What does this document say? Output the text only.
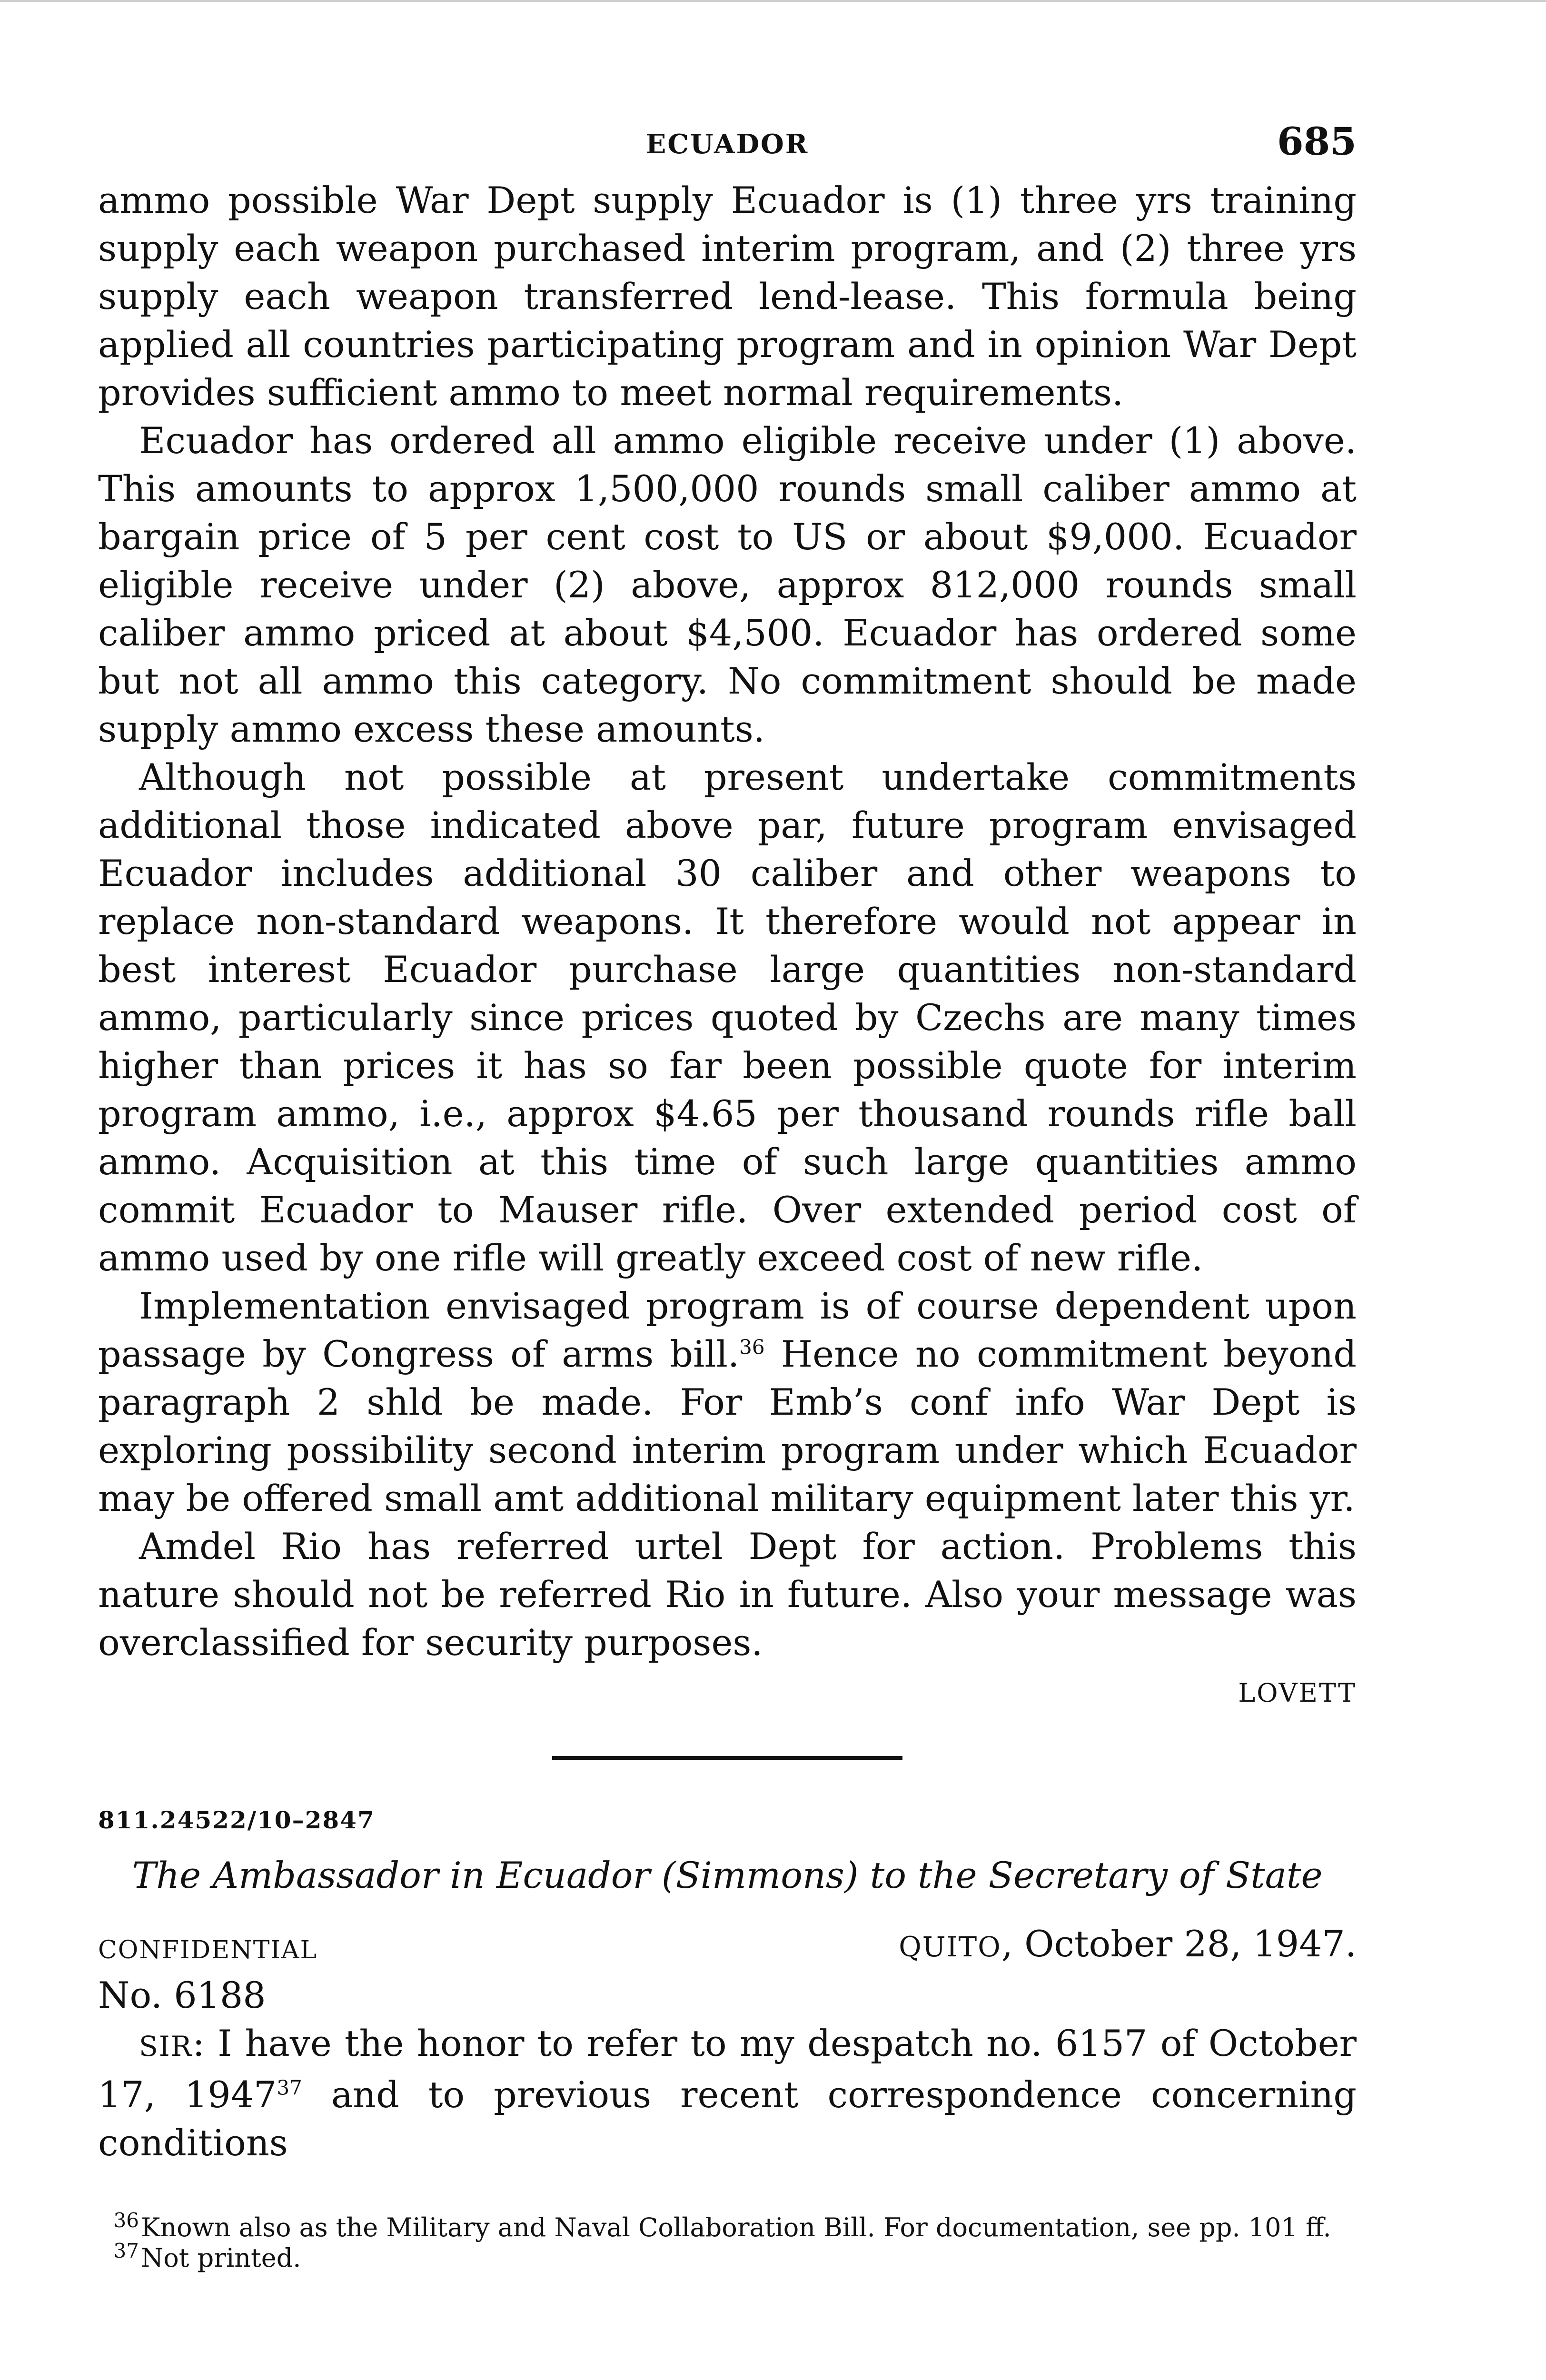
ECUADOR	685

ammo possible War Dept supply Ecuador is (1) three yrs training supply each weapon purchased interim program, and (2) three yrs supply each weapon transferred lend-lease. This formula being applied all countries participating program and in opinion War Dept provides sufficient ammo to meet normal requirements.

Ecuador has ordered all ammo eligible receive under (1) above. This amounts to approx 1,500,000 rounds small caliber ammo at bargain price of 5 per cent cost to US or about $9,000. Ecuador eligible receive under (2) above, approx 812,000 rounds small caliber ammo priced at about $4,500. Ecuador has ordered some but not all ammo this category. No commitment should be made supply ammo excess these amounts.

Although not possible at present undertake commitments additional those indicated above par, future program envisaged Ecuador includes additional 30 caliber and other weapons to replace non-standard weapons. It therefore would not appear in best interest Ecuador purchase large quantities non-standard ammo, particularly since prices quoted by Czechs are many times higher than prices it has so far been possible quote for interim program ammo, i.e., approx $4.65 per thousand rounds rifle ball ammo. Acquisition at this time of such large quantities ammo commit Ecuador to Mauser rifle. Over extended period cost of ammo used by one rifle will greatly exceed cost of new rifle.

Implementation envisaged program is of course dependent upon passage by Congress of arms bill.$^{36}$ Hence no commitment beyond paragraph 2 shld be made. For Emb’s conf info War Dept is exploring possibility second interim program under which Ecuador may be offered small amt additional military equipment later this yr.

Amdel Rio has referred urtel Dept for action. Problems this nature should not be referred Rio in future. Also your message was overclassified for security purposes.

LOVETT
811.24522/10–2847
The Ambassador in Ecuador (Simmons) to the Secretary of State
CONFIDENTIAL	QUITO, October 28, 1947.
No. 6188

SIR: I have the honor to refer to my despatch no. 6157 of October 17, 1947$^{37}$ and to previous recent correspondence concerning conditions

$^{36}$Known also as the Military and Naval Collaboration Bill. For documentation, see pp. 101 ff.
$^{37}$Not printed.
